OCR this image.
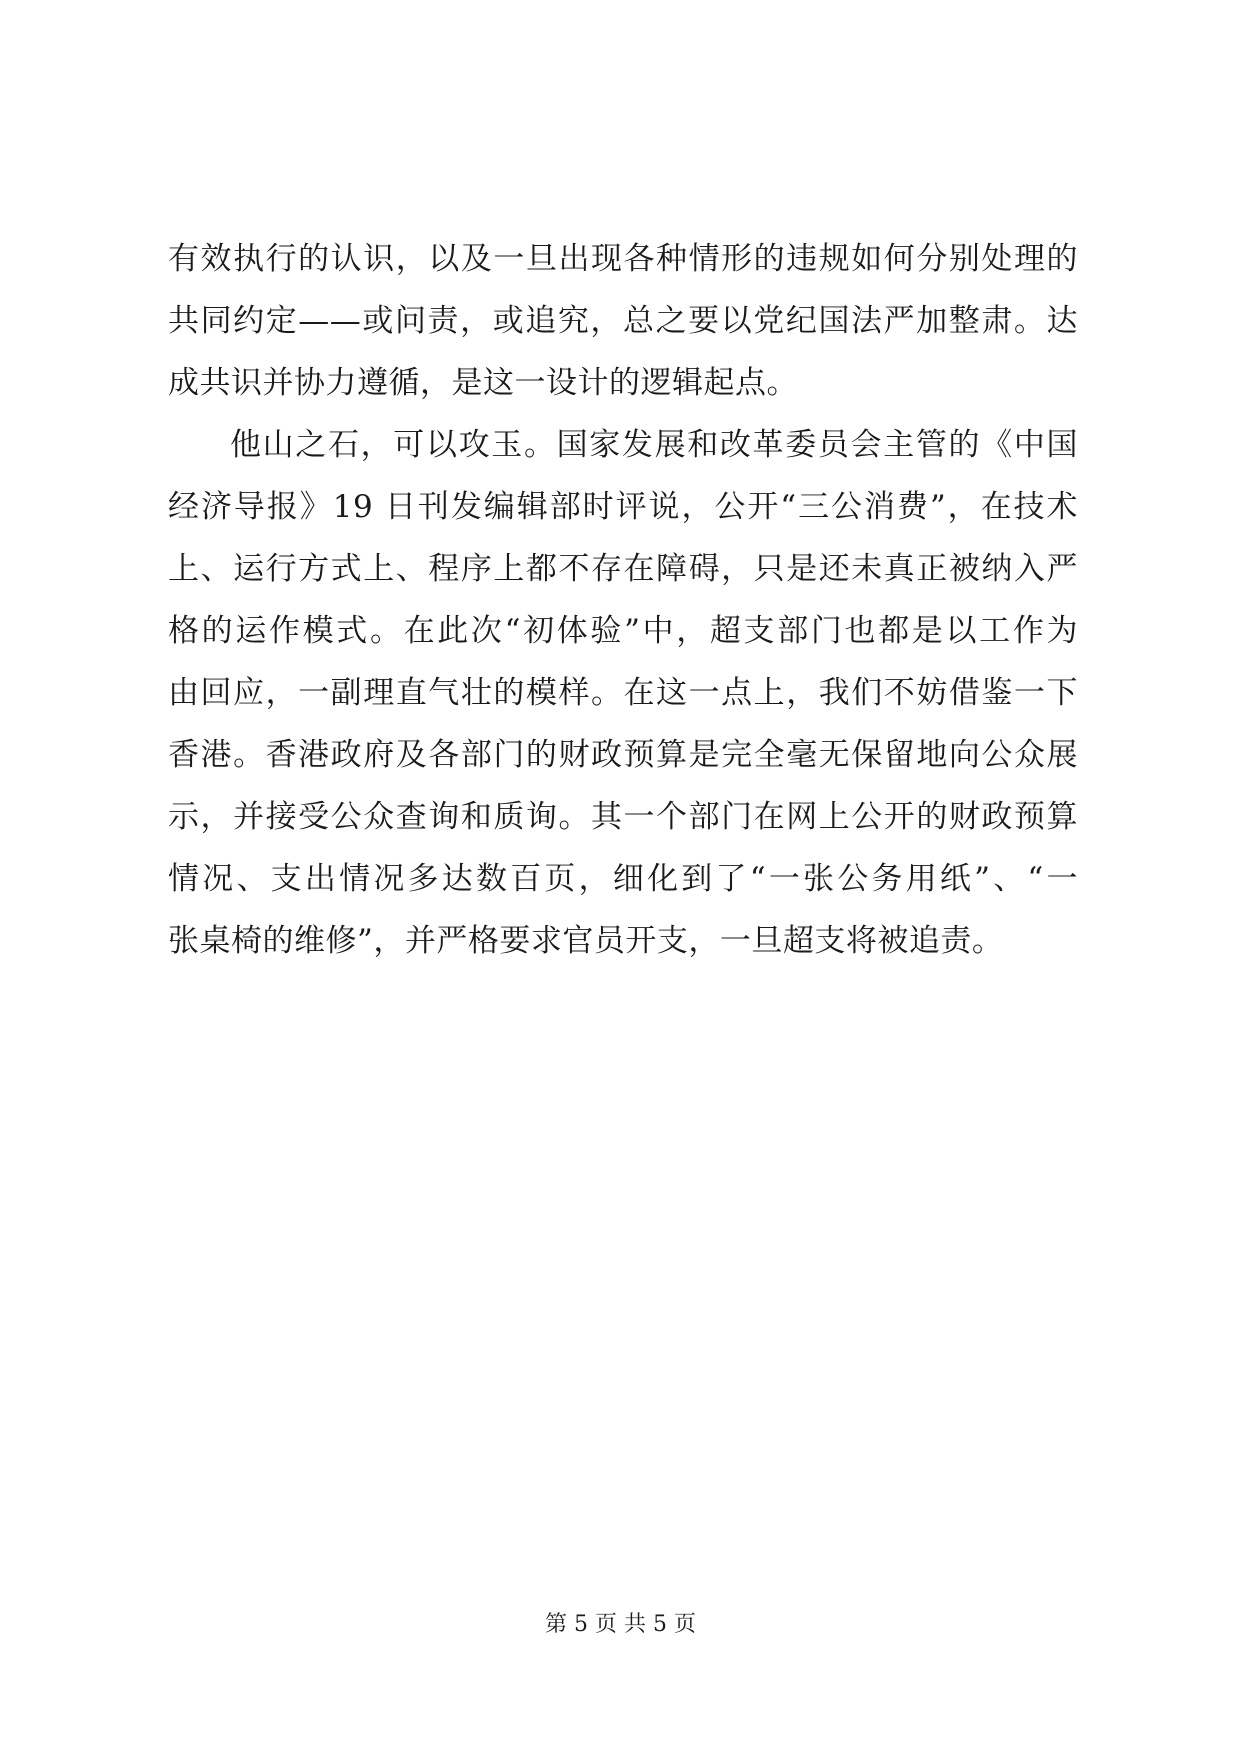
有效执行的认识，以及一旦出现各种情形的违规如何分别处理的
共同约定——或问责，或追究，总之要以党纪国法严加整肃。达
成共识并协力遵循，是这一设计的逻辑起点。
他山之石，可以攻玉。国家发展和改革委员会主管的《中国
经济导报》19 日刊发编辑部时评说，公开“三公消费”，在技术
上、运行方式上、程序上都不存在障碍，只是还未真正被纳入严
格的运作模式。在此次“初体验”中，超支部门也都是以工作为
由回应，一副理直气壮的模样。在这一点上，我们不妨借鉴一下
香港。香港政府及各部门的财政预算是完全毫无保留地向公众展
示，并接受公众查询和质询。其一个部门在网上公开的财政预算
情况、支出情况多达数百页，细化到了“一张公务用纸”、“一
张桌椅的维修”，并严格要求官员开支，一旦超支将被追责。
第 5 页 共 5 页
